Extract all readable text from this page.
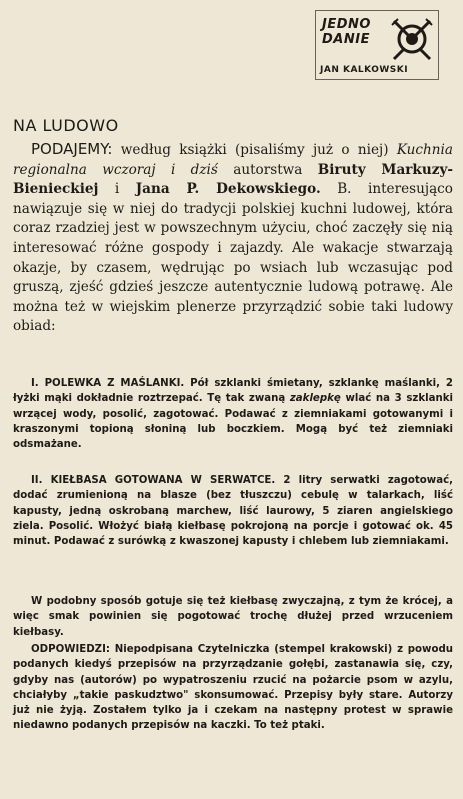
JEDNO
DANIE
JAN KALKOWSKI
NA LUDOWO

PODAJEMY: według książki (pisaliśmy już o niej) Kuchnia regionalna wczoraj i dziś autorstwa Biruty Markuzy-Bienieckiej i Jana P. Dekowskiego. B. interesująco nawiązuje się w niej do tradycji polskiej kuchni ludowej, która coraz rzadziej jest w powszechnym użyciu, choć zaczęły się nią interesować różne gospody i zajazdy. Ale wakacje stwarzają okazje, by czasem, wędrując po wsiach lub wczasując pod gruszą, zjeść gdzieś jeszcze autentycznie ludową potrawę. Ale można też w wiejskim plenerze przyrządzić sobie taki ludowy obiad:

I. POLEWKA Z MAŚLANKI. Pół szklanki śmietany, szklankę maślanki, 2 łyżki mąki dokładnie roztrzepać. Tę tak zwaną zaklepkę wlać na 3 szklanki wrzącej wody, posolić, zagotować. Podawać z ziemniakami gotowanymi i kraszonymi topioną słoniną lub boczkiem. Mogą być też ziemniaki odsmażane.

II. KIEŁBASA GOTOWANA W SERWATCE. 2 litry serwatki zagotować, dodać zrumienioną na blasze (bez tłuszczu) cebulę w talarkach, liść kapusty, jedną oskrobaną marchew, liść laurowy, 5 ziaren angielskiego ziela. Posolić. Włożyć białą kiełbasę pokrojoną na porcje i gotować ok. 45 minut. Podawać z surówką z kwaszonej kapusty i chlebem lub ziemniakami.

W podobny sposób gotuje się też kiełbasę zwyczajną, z tym że krócej, a więc smak powinien się pogotować trochę dłużej przed wrzuceniem kiełbasy.

ODPOWIEDZI: Niepodpisana Czytelniczka (stempel krakowski) z powodu podanych kiedyś przepisów na przyrządzanie gołębi, zastanawia się, czy, gdyby nas (autorów) po wypatroszeniu rzucić na pożarcie psom w azylu, chciałyby „takie paskudztwo" skonsumować. Przepisy były stare. Autorzy już nie żyją. Zostałem tylko ja i czekam na następny protest w sprawie niedawno podanych przepisów na kaczki. To też ptaki.
